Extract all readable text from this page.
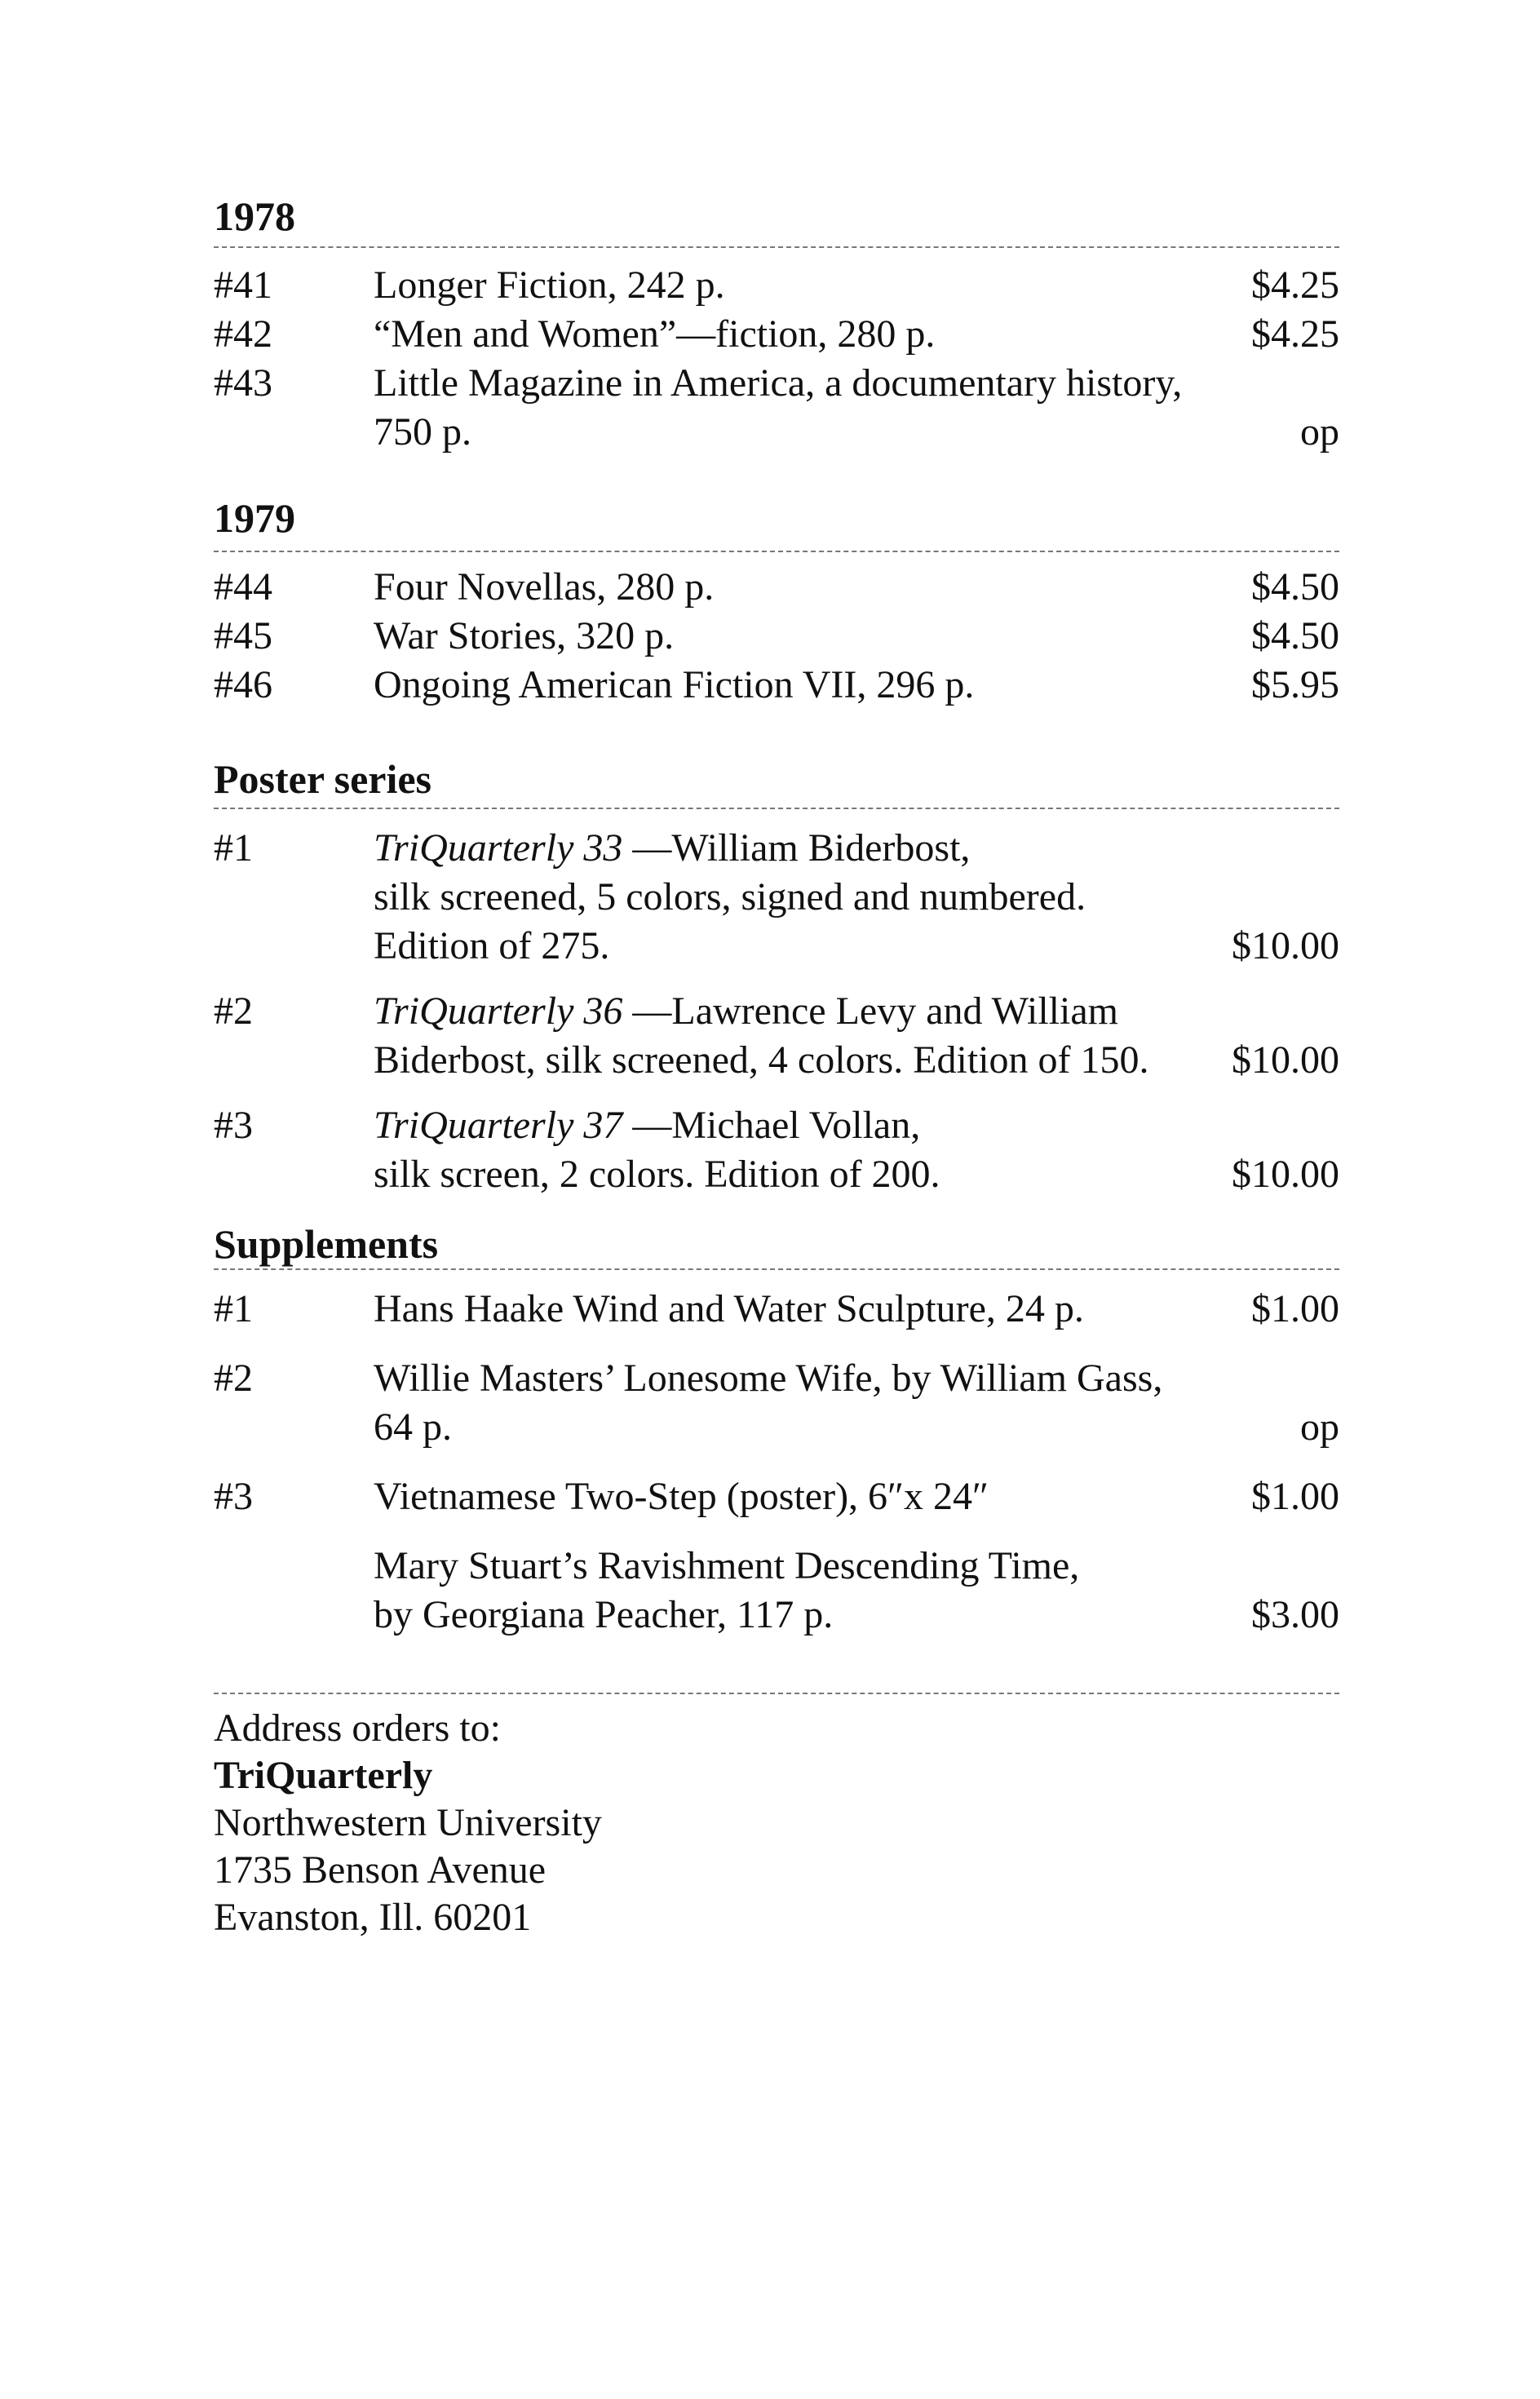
1978
#41	Longer Fiction, 242 p.	$4.25
#42	“Men and Women”—fiction, 280 p.	$4.25
#43	Little Magazine in America, a documentary history,
750 p.	op
1979
#44	Four Novellas, 280 p.	$4.50
#45	War Stories, 320 p.	$4.50
#46	Ongoing American Fiction VII, 296 p.	$5.95
Poster series
#1	TriQuarterly 33 —William Biderbost,
silk screened, 5 colors, signed and numbered.
Edition of 275.	$10.00
#2	TriQuarterly 36 —Lawrence Levy and William
Biderbost, silk screened, 4 colors. Edition of 150. $10.00
#3	TriQuarterly 37 —Michael Vollan,
silk screen, 2 colors. Edition of 200.	$10.00
Supplements
#1	Hans Haake Wind and Water Sculpture, 24 p.	$1.00
#2	Willie Masters’ Lonesome Wife, by William Gass,
64 p.	op
#3	Vietnamese Two-Step (poster), 6″x 24″	$1.00
Mary Stuart’s Ravishment Descending Time,
by Georgiana Peacher, 117 p.	$3.00
Address orders to:
TriQuarterly
Northwestern University
1735 Benson Avenue
Evanston, Ill. 60201
